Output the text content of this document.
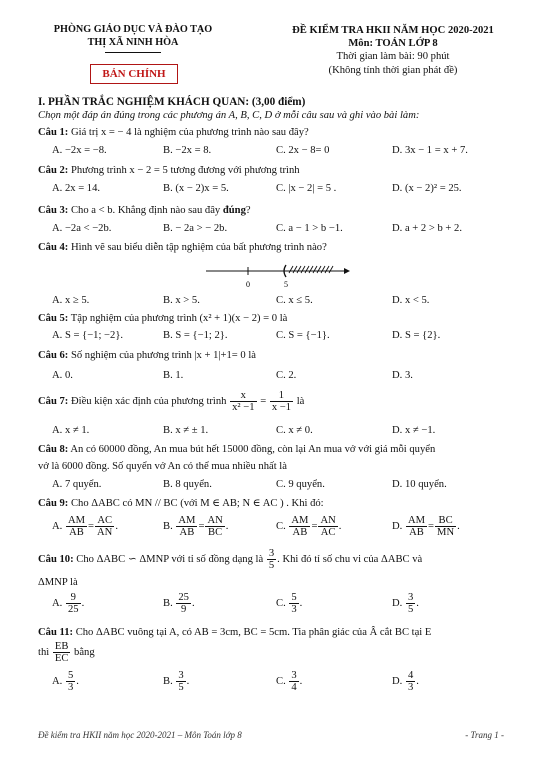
PHÒNG GIÁO DỤC VÀ ĐÀO TẠO
THỊ XÃ NINH HÒA
BẢN CHÍNH
ĐỀ KIỂM TRA HKII NĂM HỌC 2020-2021
Môn: TOÁN LỚP 8
Thời gian làm bài: 90 phút
(Không tính thời gian phát đề)
I. PHẦN TRẮC NGHIỆM KHÁCH QUAN: (3,00 điểm)
Chọn một đáp án đúng trong các phương án A, B, C, D ở mỗi câu sau và ghi vào bài làm:
Câu 1: Giá trị x = − 4 là nghiệm của phương trình nào sau đây?
A. −2x = −8.	B. −2x = 8.	C. 2x − 8= 0	D. 3x − 1 = x + 7.
Câu 2: Phương trình x − 2 = 5 tương đương với phương trình
A. 2x = 14.	B. (x − 2)x = 5.	C. |x − 2| = 5 .	D. (x − 2)² = 25.
Câu 3: Cho a < b. Khẳng định nào sau đây đúng?
A. −2a < −2b.	B. − 2a > − 2b.	C. a − 1 > b −1.	D. a + 2 > b + 2.
Câu 4: Hình vẽ sau biểu diễn tập nghiệm của bất phương trình nào?
0	5
A. x ≥ 5.	B. x > 5.	C. x ≤ 5.	D. x < 5.
Câu 5: Tập nghiệm của phương trình (x² + 1)(x − 2) = 0 là
A. S = {−1; −2}.	B. S = {−1; 2}.	C. S = {−1}.	D. S = {2}.
Câu 6: Số nghiệm của phương trình |x + 1|+1= 0 là
A. 0.	B. 1.	C. 2.	D. 3.
Câu 7: Điều kiện xác định của phương trình $\frac{x}{\text{x² −1}} = \frac{1}{x -1}$ là
A. x ≠ 1.	B. x ≠ ± 1.	C. x ≠ 0.	D. x ≠ −1.
Câu 8: An có 60000 đồng, An mua bút hết 15000 đồng, còn lại An mua vở với giá mỗi quyển
vở là 6000 đồng. Số quyển vở An có thể mua nhiều nhất là
A. 7 quyển.	B. 8 quyển.	C. 9 quyển.	D. 10 quyển.
Câu 9: Cho ΔABC có MN // BC (với M ∈ AB; N ∈ AC ) . Khi đó:
A. $\frac{AM}{AB} = \frac{AC}{AN}$ .	B. $\frac{AM}{AB} = \frac{AN}{BC}$ .	C. $\frac{AM}{AB} = \frac{AN}{AC}$ .	D. $\frac{AM}{AB} = \frac{BC}{MN}$ .
Câu 10: Cho ΔABC ∽ ΔMNP với tỉ số đồng dạng là $\frac{3}{5}$ . Khi đó tỉ số chu vi của ΔABC và
ΔMNP là
A. $\frac{9}{25}$ .	B. $\frac{25}{9}$ .	C. $\frac{5}{3}$ .	D. $\frac{3}{5}$ .
Câu 11: Cho ΔABC vuông tại A, có AB = 3cm, BC = 5cm. Tia phân giác của Â cắt BC tại E
thì $\frac{EB}{EC}$ bằng
A. $\frac{5}{3}$ .	B. $\frac{3}{5}$ .	C. $\frac{3}{4}$ .	D. $\frac{4}{3}$ .
Đề kiểm tra HKII năm học 2020-2021 – Môn Toán lớp 8	- Trang 1 -
